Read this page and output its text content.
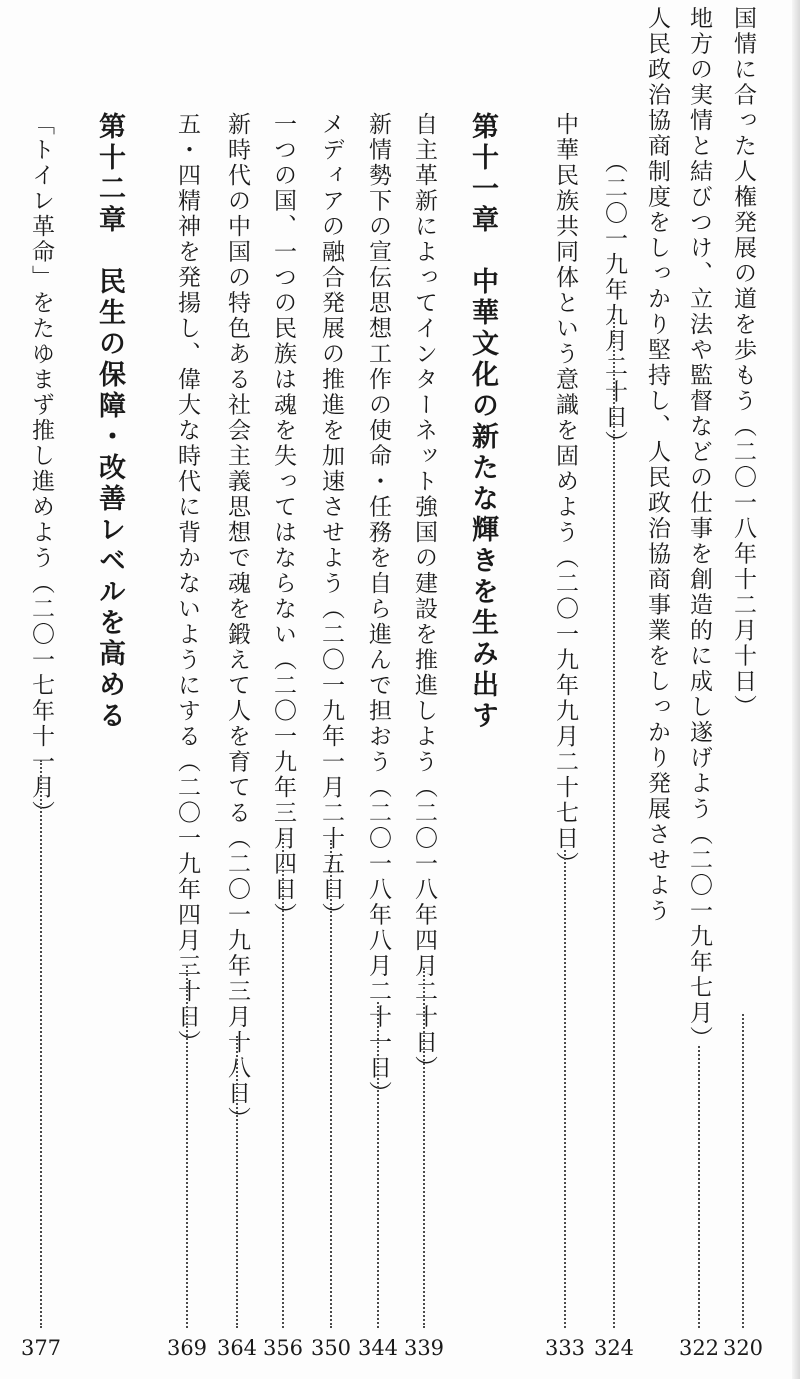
国情に合った人権発展の道を歩もう（二〇一八年十二月十日）
320
地方の実情と結びつけ、立法や監督などの仕事を創造的に成し遂げよう（二〇一九年七月）
322
人民政治協商制度をしっかり堅持し、人民政治協商事業をしっかり発展させよう
（二〇一九年九月二十日）
324
中華民族共同体という意識を固めよう（二〇一九年九月二十七日）
333
第十一章　中華文化の新たな輝きを生み出す
自主革新によってインターネット強国の建設を推進しよう（二〇一八年四月二十日）
339
新情勢下の宣伝思想工作の使命・任務を自ら進んで担おう（二〇一八年八月二十一日）
344
メディアの融合発展の推進を加速させよう（二〇一九年一月二十五日）
350
一つの国、一つの民族は魂を失ってはならない（二〇一九年三月四日）
356
新時代の中国の特色ある社会主義思想で魂を鍛えて人を育てる（二〇一九年三月十八日）
364
五・四精神を発揚し、偉大な時代に背かないようにする（二〇一九年四月三十日）
369
第十二章　民生の保障・改善レベルを高める
「トイレ革命」をたゆまず推し進めよう（二〇一七年十一月）
377
